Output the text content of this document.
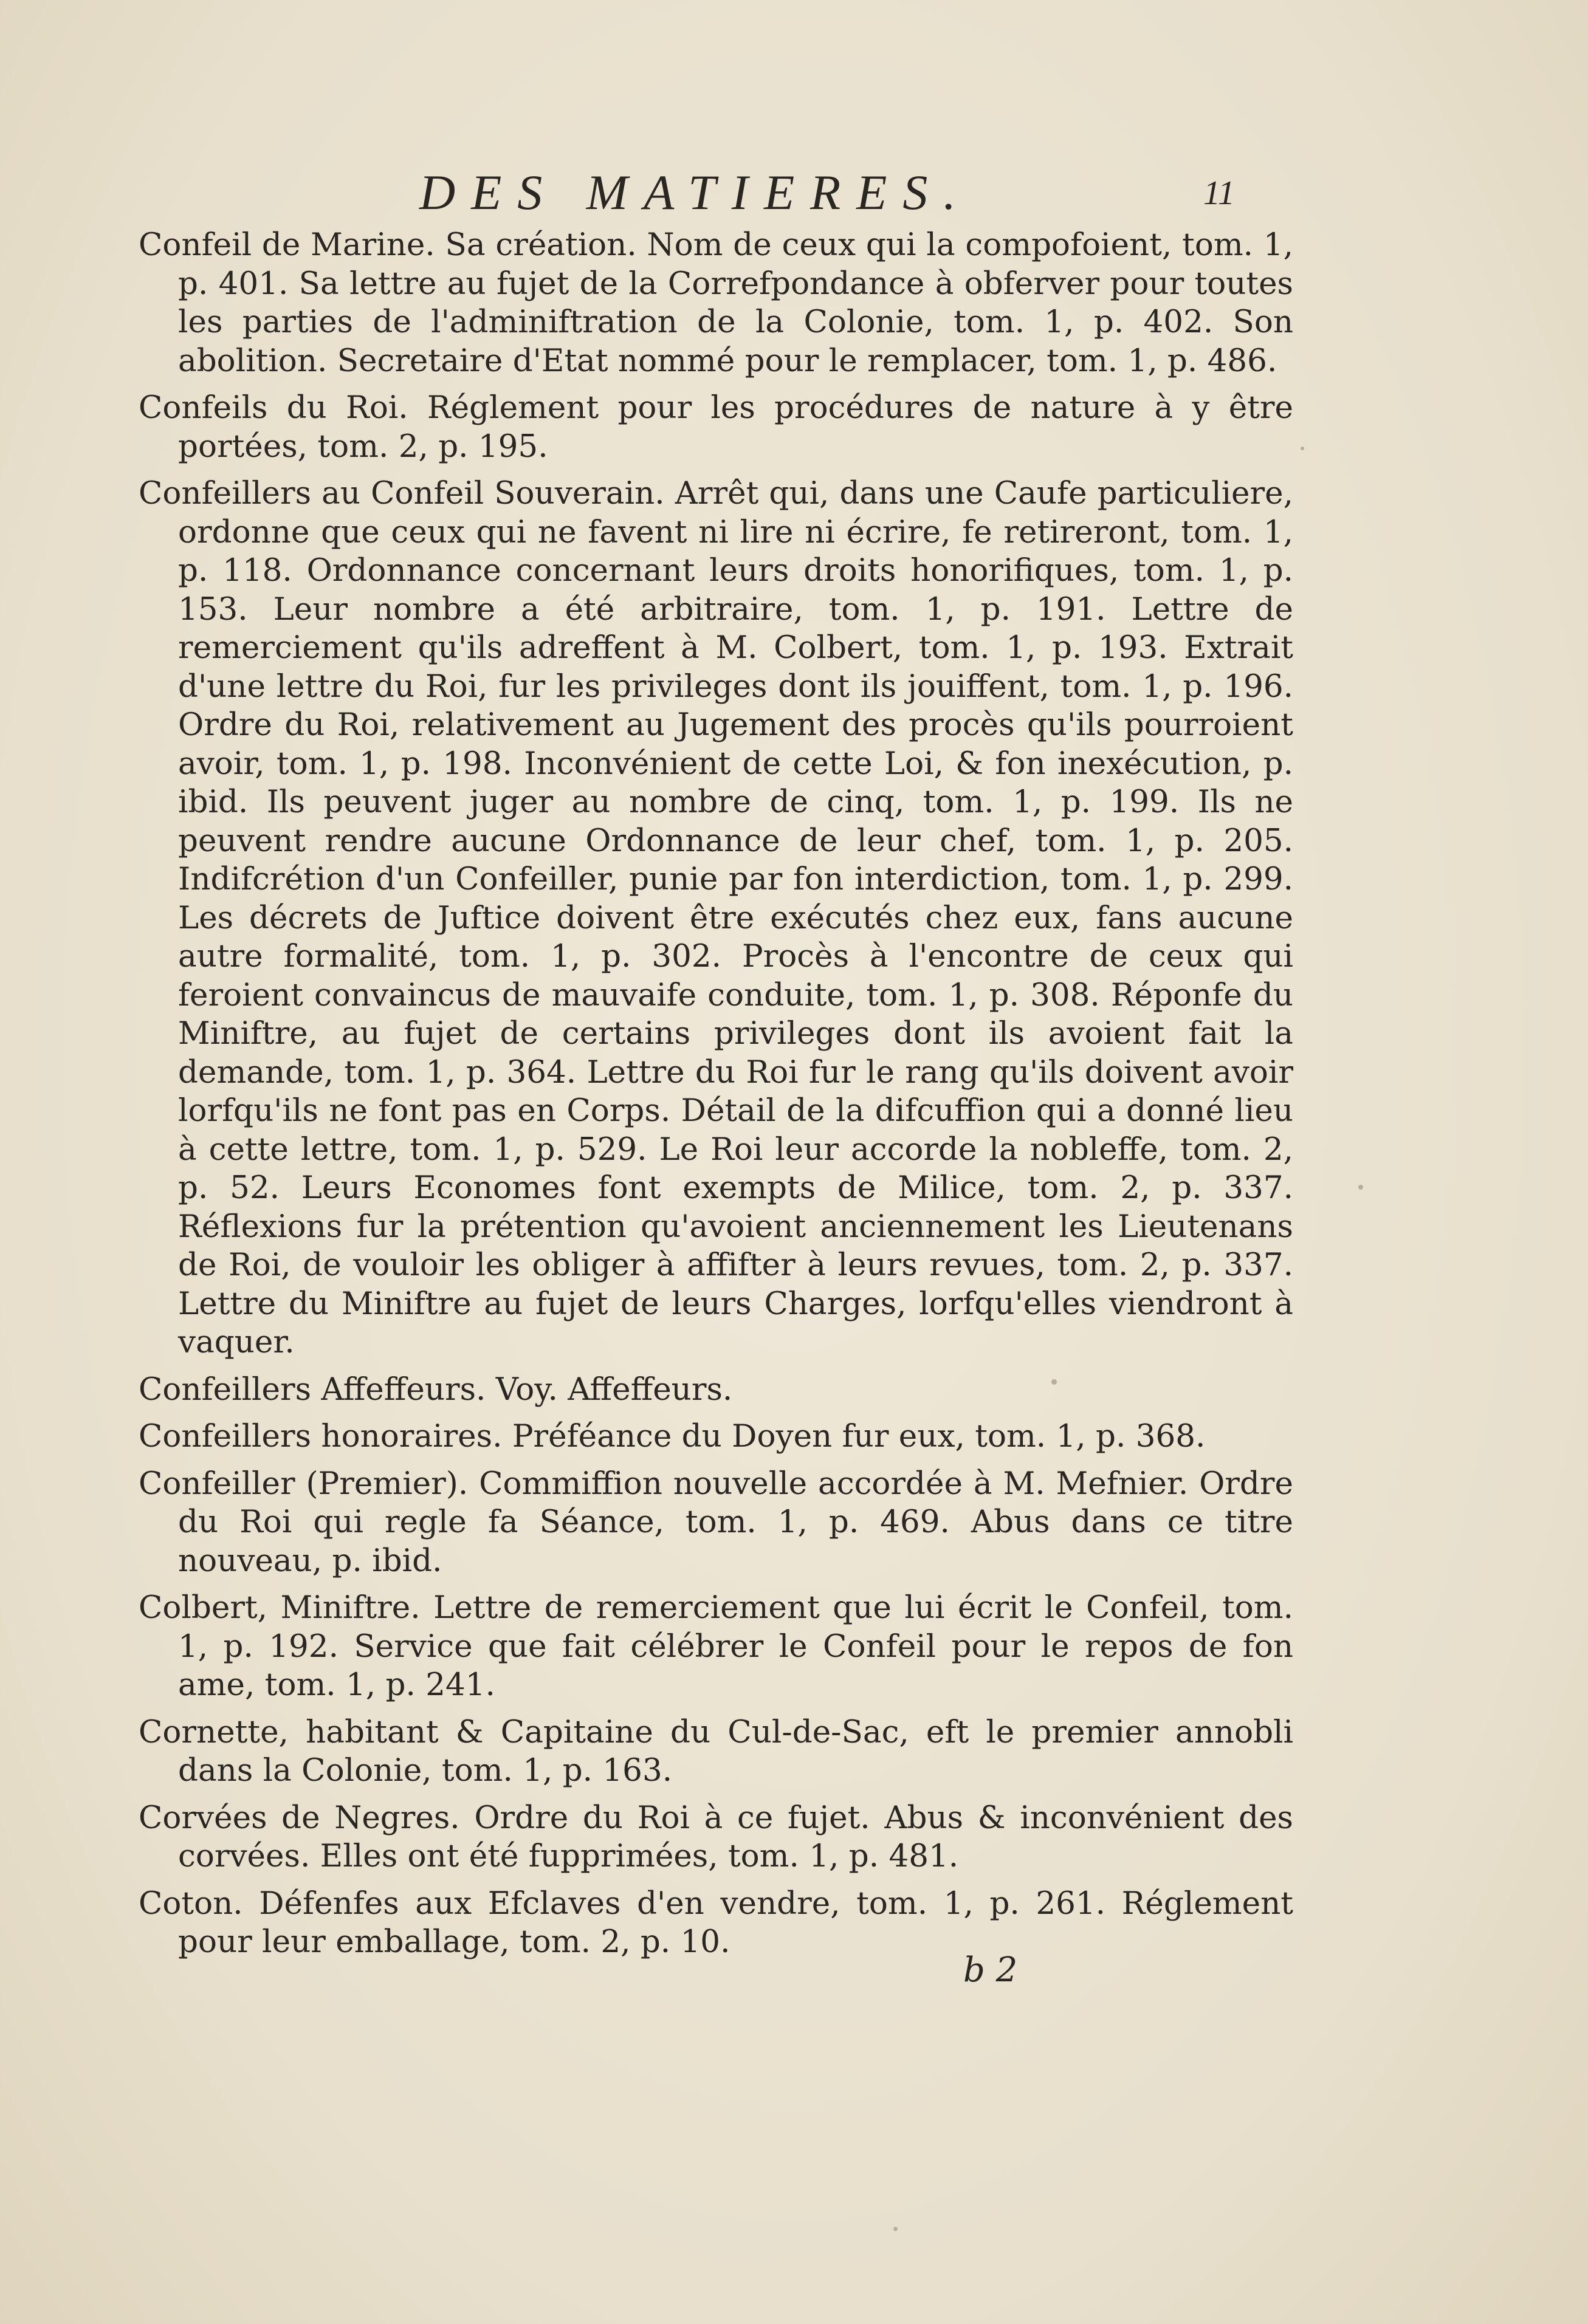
DES MATIERES.	11

Confeil de Marine. Sa création. Nom de ceux qui la compofoient, tom. 1, p. 401. Sa lettre au fujet de la Correfpondance à obferver pour toutes les parties de l'adminiftration de la Colonie, tom. 1, p. 402. Son abolition. Secretaire d'Etat nommé pour le remplacer, tom. 1, p. 486.

Confeils du Roi. Réglement pour les procédures de nature à y être portées, tom. 2, p. 195.

Confeillers au Confeil Souverain. Arrêt qui, dans une Caufe particuliere, ordonne que ceux qui ne favent ni lire ni écrire, fe retireront, tom. 1, p. 118. Ordonnance concernant leurs droits honorifiques, tom. 1, p. 153. Leur nombre a été arbitraire, tom. 1, p. 191. Lettre de remerciement qu'ils adreffent à M. Colbert, tom. 1, p. 193. Extrait d'une lettre du Roi, fur les privileges dont ils jouiffent, tom. 1, p. 196. Ordre du Roi, relativement au Jugement des procès qu'ils pourroient avoir, tom. 1, p. 198. Inconvénient de cette Loi, & fon inexécution, p. ibid. Ils peuvent juger au nombre de cinq, tom. 1, p. 199. Ils ne peuvent rendre aucune Ordonnance de leur chef, tom. 1, p. 205. Indifcrétion d'un Confeiller, punie par fon interdiction, tom. 1, p. 299. Les décrets de Juftice doivent être exécutés chez eux, fans aucune autre formalité, tom. 1, p. 302. Procès à l'encontre de ceux qui feroient convaincus de mauvaife conduite, tom. 1, p. 308. Réponfe du Miniftre, au fujet de certains privileges dont ils avoient fait la demande, tom. 1, p. 364. Lettre du Roi fur le rang qu'ils doivent avoir lorfqu'ils ne font pas en Corps. Détail de la difcuffion qui a donné lieu à cette lettre, tom. 1, p. 529. Le Roi leur accorde la nobleffe, tom. 2, p. 52. Leurs Economes font exempts de Milice, tom. 2, p. 337. Réflexions fur la prétention qu'avoient anciennement les Lieutenans de Roi, de vouloir les obliger à affifter à leurs revues, tom. 2, p. 337. Lettre du Miniftre au fujet de leurs Charges, lorfqu'elles viendront à vaquer.

Confeillers Affeffeurs. Voy. Affeffeurs.

Confeillers honoraires. Préféance du Doyen fur eux, tom. 1, p. 368.

Confeiller (Premier). Commiffion nouvelle accordée à M. Mefnier. Ordre du Roi qui regle fa Séance, tom. 1, p. 469. Abus dans ce titre nouveau, p. ibid.

Colbert, Miniftre. Lettre de remerciement que lui écrit le Confeil, tom. 1, p. 192. Service que fait célébrer le Confeil pour le repos de fon ame, tom. 1, p. 241.

Cornette, habitant & Capitaine du Cul-de-Sac, eft le premier annobli dans la Colonie, tom. 1, p. 163.

Corvées de Negres. Ordre du Roi à ce fujet. Abus & inconvénient des corvées. Elles ont été fupprimées, tom. 1, p. 481.

Coton. Défenfes aux Efclaves d'en vendre, tom. 1, p. 261. Réglement pour leur emballage, tom. 2, p. 10.

b 2
